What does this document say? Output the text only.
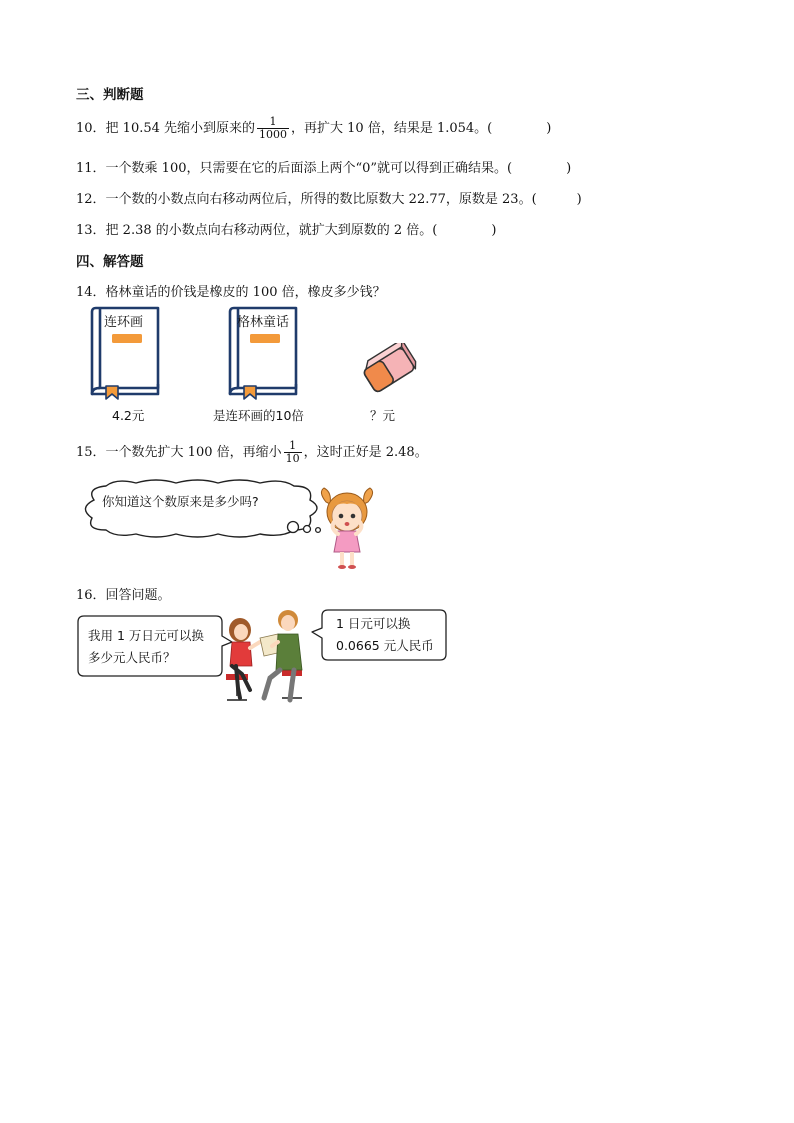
三、判断题
10．把 10.54 先缩小到原来的 $\frac{1}{1000}$ ，再扩大 10 倍，结果是 1.054。(	)
11．一个数乘 100，只需要在它的后面添上两个“0”就可以得到正确结果。(	)
12．一个数的小数点向右移动两位后，所得的数比原数大 22.77，原数是 23。(	)
13．把 2.38 的小数点向右移动两位，就扩大到原数的 2 倍。(	)
四、解答题
14．格林童话的价钱是橡皮的 100 倍，橡皮多少钱？
连环画
4.2元
格林童话
是连环画的10倍	？元
15．一个数先扩大 100 倍，再缩小 $\frac{1}{10}$ ，这时正好是 2.48。
你知道这个数原来是多少吗?
16．回答问题。
我用 1 万日元可以换
多少元人民币？
1 日元可以换
0.0665 元人民币
